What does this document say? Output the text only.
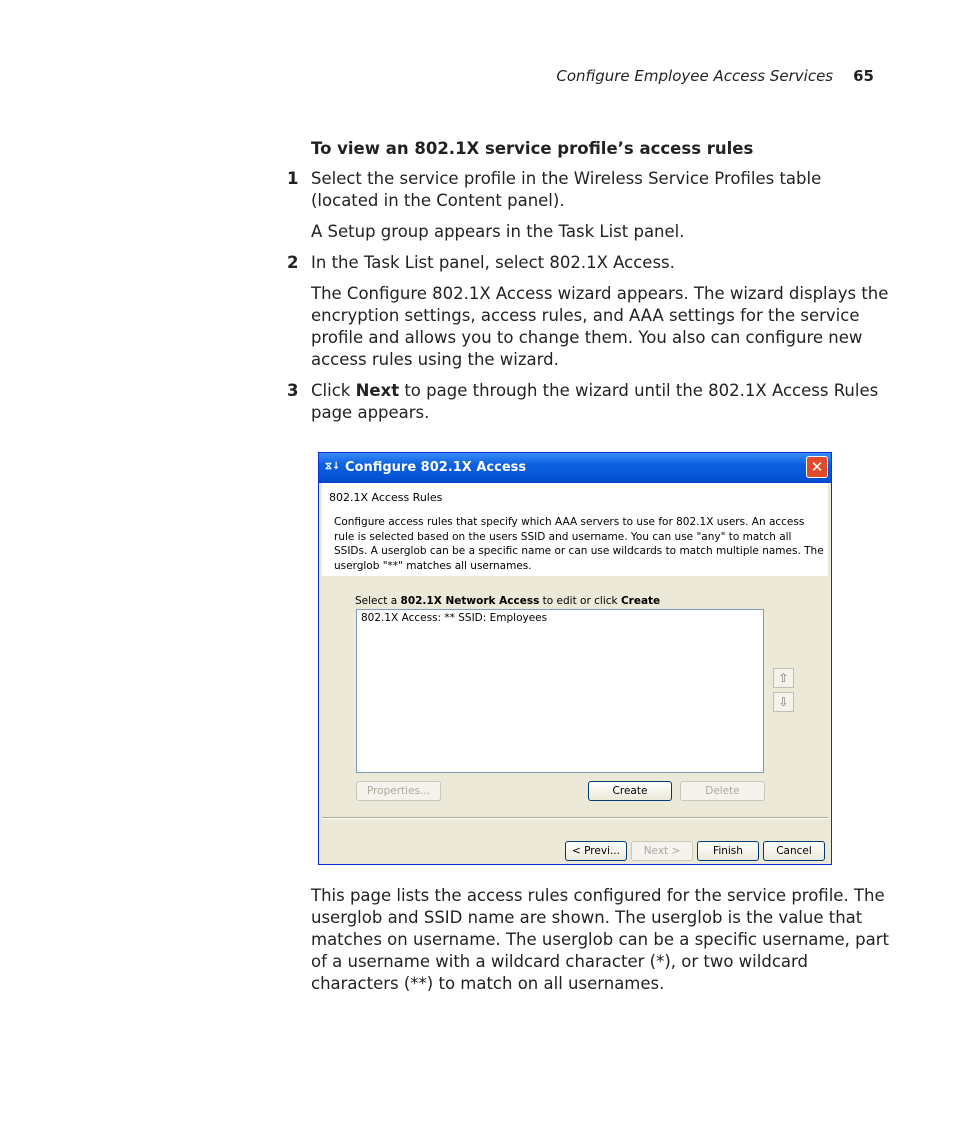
Configure Employee Access Services 65
To view an 802.1X service profile’s access rules
1 Select the service profile in the Wireless Service Profiles table (located in the Content panel).
A Setup group appears in the Task List panel.
2 In the Task List panel, select 802.1X Access.
The Configure 802.1X Access wizard appears. The wizard displays the encryption settings, access rules, and AAA settings for the service profile and allows you to change them. You also can configure new access rules using the wizard.
3 Click Next to page through the wizard until the 802.1X Access Rules page appears.
⧖↓ Configure 802.1X Access	✕
802.1X Access Rules
Configure access rules that specify which AAA servers to use for 802.1X users. An access rule is selected based on the users SSID and username. You can use "any" to match all SSIDs. A userglob can be a specific name or can use wildcards to match multiple names. The userglob "**" matches all usernames.
Select a 802.1X Network Access to edit or click Create
802.1X Access: ** SSID: Employees
⇧
⇩
Properties...	Create	Delete
< Previ...	Next >	Finish	Cancel
This page lists the access rules configured for the service profile. The userglob and SSID name are shown. The userglob is the value that matches on username. The userglob can be a specific username, part of a username with a wildcard character (*), or two wildcard characters (**) to match on all usernames.
